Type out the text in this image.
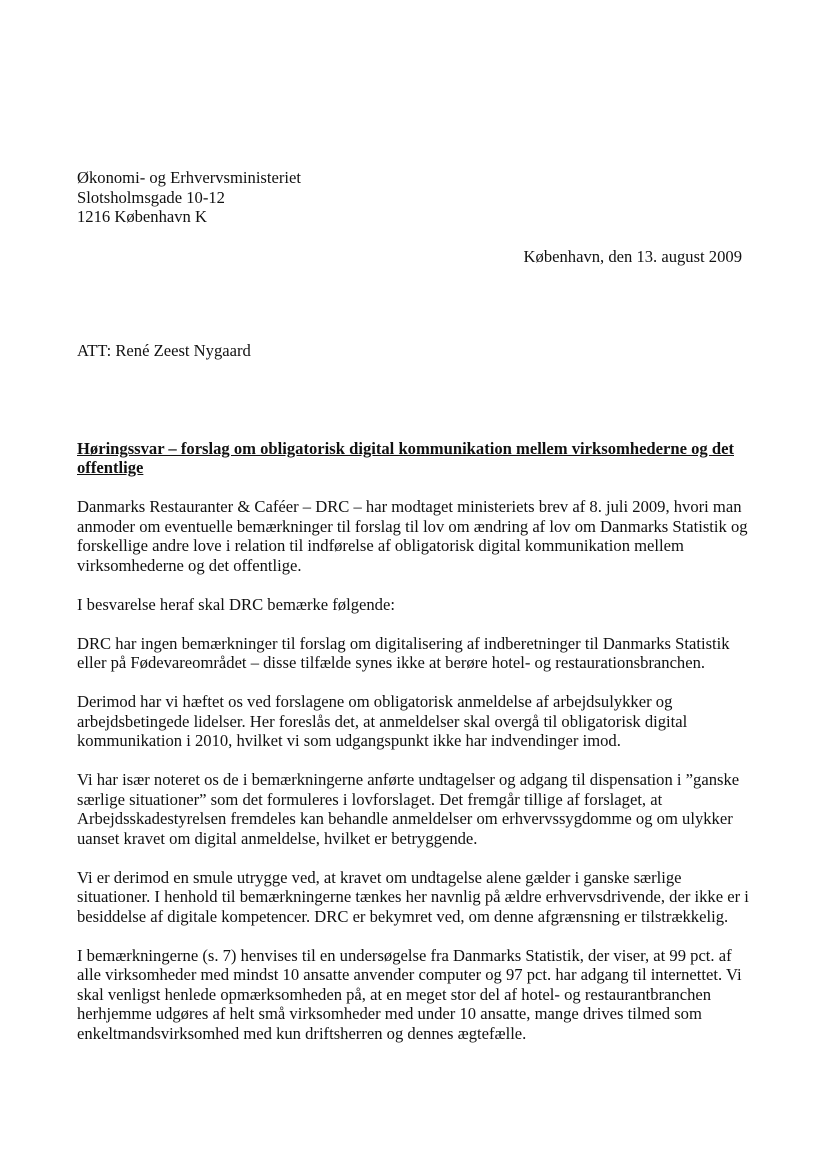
Økonomi- og Erhvervsministeriet
Slotsholmsgade 10-12
1216 København K
København, den 13. august 2009
ATT: René Zeest Nygaard
Høringssvar – forslag om obligatorisk digital kommunikation mellem virksomhederne og det offentlige

Danmarks Restauranter & Caféer – DRC – har modtaget ministeriets brev af 8. juli 2009, hvori man anmoder om eventuelle bemærkninger til forslag til lov om ændring af lov om Danmarks Statistik og forskellige andre love i relation til indførelse af obligatorisk digital kommunikation mellem virksomhederne og det offentlige.

I besvarelse heraf skal DRC bemærke følgende:

DRC har ingen bemærkninger til forslag om digitalisering af indberetninger til Danmarks Statistik eller på Fødevareområdet – disse tilfælde synes ikke at berøre hotel- og restaurationsbranchen.

Derimod har vi hæftet os ved forslagene om obligatorisk anmeldelse af arbejdsulykker og arbejdsbetingede lidelser. Her foreslås det, at anmeldelser skal overgå til obligatorisk digital kommunikation i 2010, hvilket vi som udgangspunkt ikke har indvendinger imod.

Vi har især noteret os de i bemærkningerne anførte undtagelser og adgang til dispensation i ”ganske særlige situationer” som det formuleres i lovforslaget. Det fremgår tillige af forslaget, at Arbejdsskadestyrelsen fremdeles kan behandle anmeldelser om erhvervssygdomme og om ulykker uanset kravet om digital anmeldelse, hvilket er betryggende.

Vi er derimod en smule utrygge ved, at kravet om undtagelse alene gælder i ganske særlige situationer. I henhold til bemærkningerne tænkes her navnlig på ældre erhvervsdrivende, der ikke er i besiddelse af digitale kompetencer. DRC er bekymret ved, om denne afgrænsning er tilstrækkelig.

I bemærkningerne (s. 7) henvises til en undersøgelse fra Danmarks Statistik, der viser, at 99 pct. af alle virksomheder med mindst 10 ansatte anvender computer og 97 pct. har adgang til internettet. Vi skal venligst henlede opmærksomheden på, at en meget stor del af hotel- og restaurantbranchen herhjemme udgøres af helt små virksomheder med under 10 ansatte, mange drives tilmed som enkeltmandsvirksomhed med kun driftsherren og dennes ægtefælle.
